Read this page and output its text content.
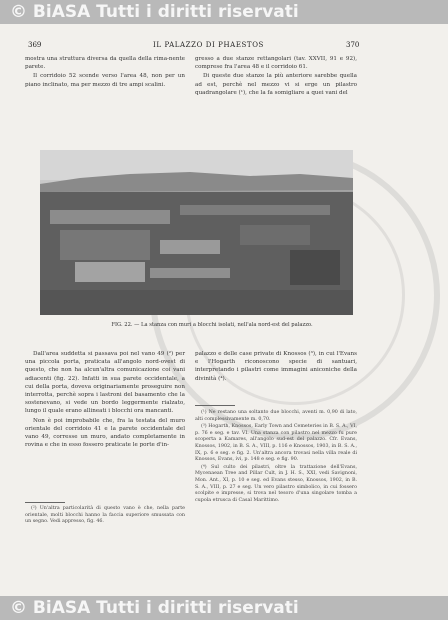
© BiASA Tutti i diritti riservati
369	IL PALAZZO DI PHAESTOS	370

mostra una struttura diversa da quella della rima-nente parete.

Il corridoio 52 scende verso l'area 48, non per un piano inclinato, ma per mezzo di tre ampi scalini.

gresso a due stanze rettangolari (tav. XXVII, 91 e 92), comprese fra l'area 48 e il corridoio 61.

Di queste due stanze la più anteriore sarebbe quella ad est, perchè nel mezzo vi si erge un pilastro quadrangolare (¹), che la fa somigliare a quei vani del

FIG. 22. — La stanza con muri a blocchi isolati, nell'ala nord-est del palazzo.

Dall'area suddetta si passava poi nel vano 49 (²) per una piccola porta, praticata all'angolo nord-ovest di questo, che non ha alcun'altra comunicazione coi vani adiacenti (fig. 22). Infatti in sua parete occidentale, a cui della porta, doveva originariamente proseguire non interrotta, perchè sopra i lastroni del basamento che la sostenevano, si vede un bordo leggermente rialzato, lungo il quale erano allineati i blocchi ora mancanti.

Non è poi improbabile che, fra la testata del muro orientale del corridoio 41 e la parete occidentale del vano 49, corresse un muro, andato completamente in rovina e che in esso fossero praticate le porte d'in-

palazzo e delle case private di Knossos (³), in cui l'Evans e l'Hogarth riconoscono specie di santuari, interpretando i pilastri come immagini aniconiche della divinità (⁴).

(²) Un'altra particolarità di questo vano è che, nella parte orientale, molti blocchi hanno la faccia superiore smussata con un segno. Vedi appresso, fig. 46.

(¹) Ne restano una soltanto due blocchi, aventi m. 0,90 di lato, alti complessivamente m. 0,70.

(³) Hogarth, Knossos, Early Town and Cemeteries in B. S. A., VI, p. 76 e seg. e tav. VI. Una stanza con pilastro nel mezzo fu pure scoperta a Kamares, all'angolo sud-est del palazzo. Cfr. Evans, Knossos, 1902, in B. S. A., VIII, p. 116 e Knossos, 1903, in B. S. A., IX, p. 6 e seg. e fig. 2. Un'altra ancora trovasi nella villa reale di Knossos, Evans, ivi, p. 148 e seg. e fig. 90.

(⁴) Sul culto dei pilastri, oltre la trattazione dell'Evans, Mycenaean Tree and Pillar Cult, in J. H. S., XXI, vedi Savignoni, Mon. Ant., XI, p. 10 e seg. ed Evans stesso, Knossos, 1902, in B. S. A., VIII, p. 27 e seg. Un vero pilastro simbolico, in cui fossero scolpite e impresse, si trova nel tesoro d'una singolare tomba a cupola etrusca di Casal Marittimo.

© BiASA Tutti i diritti riservati
